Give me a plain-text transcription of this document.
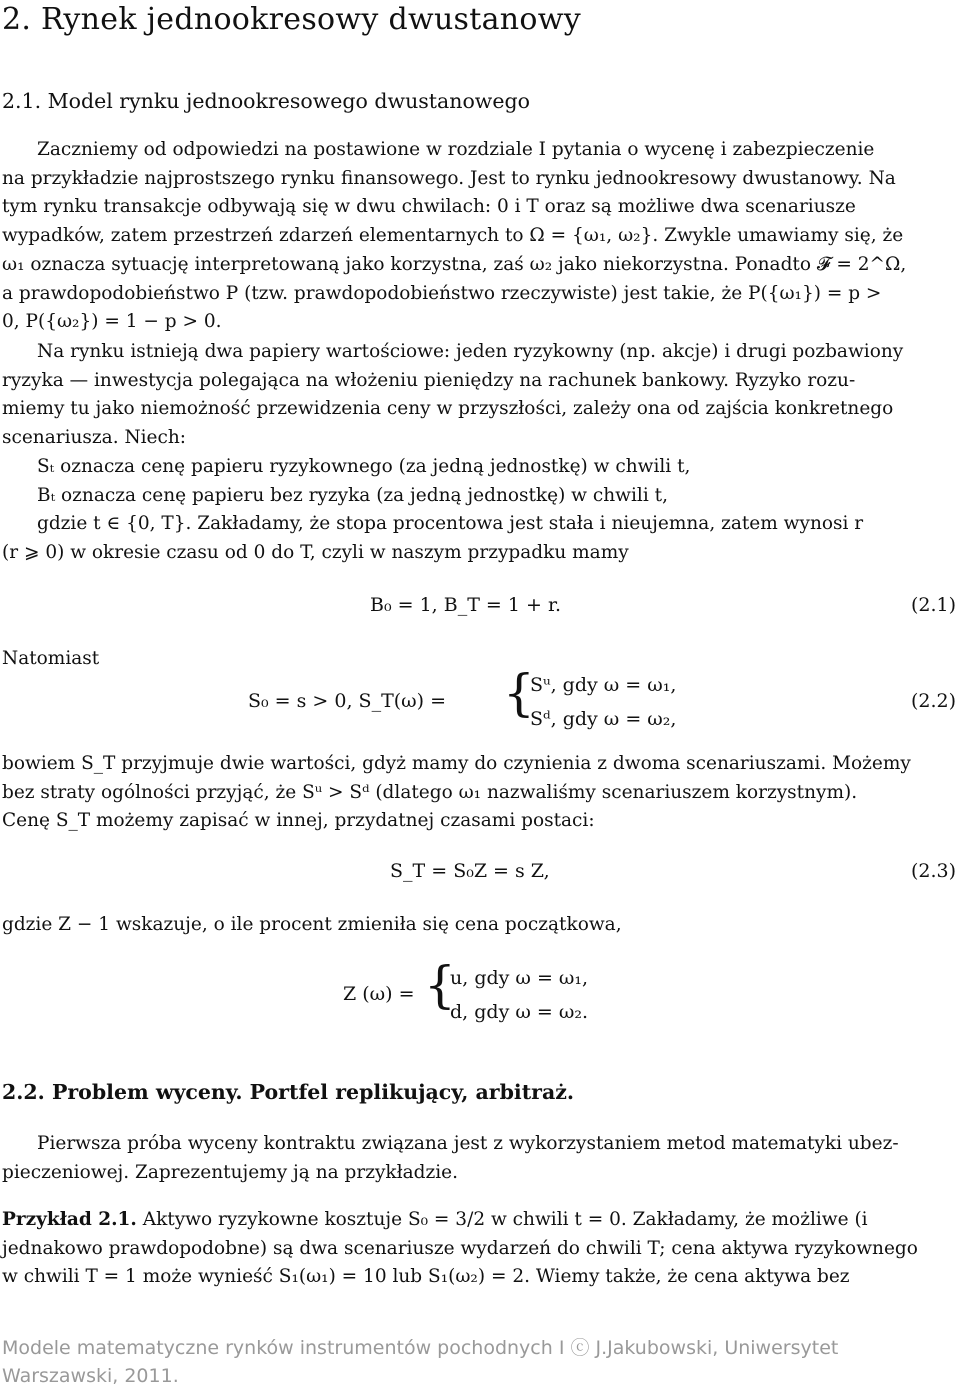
2. Rynek jednookresowy dwustanowy
2.1. Model rynku jednookresowego dwustanowego
Zaczniemy od odpowiedzi na postawione w rozdziale I pytania o wycenę i zabezpieczenie
na przykładzie najprostszego rynku finansowego. Jest to rynku jednookresowy dwustanowy. Na
tym rynku transakcje odbywają się w dwu chwilach: 0 i T oraz są możliwe dwa scenariusze
wypadków, zatem przestrzeń zdarzeń elementarnych to Ω = {ω₁, ω₂}. Zwykle umawiamy się, że
ω₁ oznacza sytuację interpretowaną jako korzystna, zaś ω₂ jako niekorzystna. Ponadto 𝓕 = 2^Ω,
a prawdopodobieństwo P (tzw. prawdopodobieństwo rzeczywiste) jest takie, że P({ω₁}) = p >
0, P({ω₂}) = 1 − p > 0.
Na rynku istnieją dwa papiery wartościowe: jeden ryzykowny (np. akcje) i drugi pozbawiony
ryzyka — inwestycja polegająca na włożeniu pieniędzy na rachunek bankowy. Ryzyko rozu-
miemy tu jako niemożność przewidzenia ceny w przyszłości, zależy ona od zajścia konkretnego
scenariusza. Niech:
Sₜ oznacza cenę papieru ryzykownego (za jedną jednostkę) w chwili t,
Bₜ oznacza cenę papieru bez ryzyka (za jedną jednostkę) w chwili t,
gdzie t ∈ {0, T}. Zakładamy, że stopa procentowa jest stała i nieujemna, zatem wynosi r
(r ⩾ 0) w okresie czasu od 0 do T, czyli w naszym przypadku mamy
B₀ = 1, B_T = 1 + r.	(2.1)
Natomiast
S₀ = s > 0, S_T(ω) = {
Sᵘ, gdy ω = ω₁,
Sᵈ, gdy ω = ω₂,
(2.2)
bowiem S_T przyjmuje dwie wartości, gdyż mamy do czynienia z dwoma scenariuszami. Możemy
bez straty ogólności przyjąć, że Sᵘ > Sᵈ (dlatego ω₁ nazwaliśmy scenariuszem korzystnym).
Cenę S_T możemy zapisać w innej, przydatnej czasami postaci:
S_T = S₀Z = s Z,	(2.3)
gdzie Z − 1 wskazuje, o ile procent zmieniła się cena początkowa,
Z (ω) = {
u, gdy ω = ω₁,
d, gdy ω = ω₂.
2.2. Problem wyceny. Portfel replikujący, arbitraż.
Pierwsza próba wyceny kontraktu związana jest z wykorzystaniem metod matematyki ubez-
pieczeniowej. Zaprezentujemy ją na przykładzie.
Przykład 2.1. Aktywo ryzykowne kosztuje S₀ = 3/2 w chwili t = 0. Zakładamy, że możliwe (i
jednakowo prawdopodobne) są dwa scenariusze wydarzeń do chwili T; cena aktywa ryzykownego
w chwili T = 1 może wynieść S₁(ω₁) = 10 lub S₁(ω₂) = 2. Wiemy także, że cena aktywa bez
Modele matematyczne rynków instrumentów pochodnych I ⓒ J.Jakubowski, Uniwersytet
Warszawski, 2011.
